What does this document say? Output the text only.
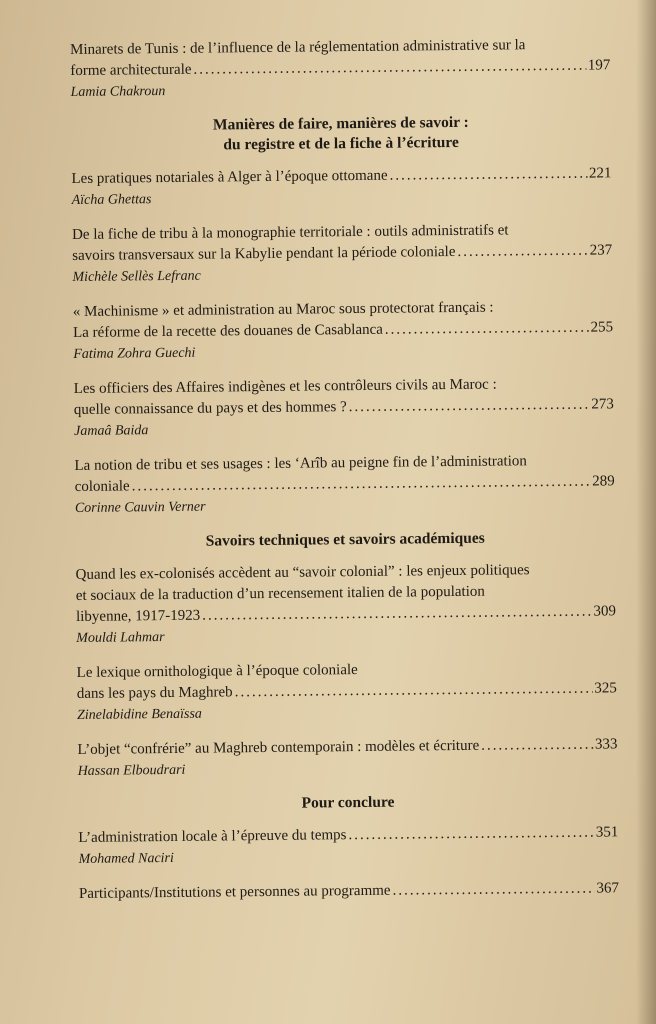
Minarets de Tunis : de l’influence de la réglementation administrative sur la
forme architecturale .....	197
Lamia Chakroun
Manières de faire, manières de savoir :
du registre et de la fiche à l’écriture
Les pratiques notariales à Alger à l’époque ottomane .....	221
Aïcha Ghettas
De la fiche de tribu à la monographie territoriale : outils administratifs et
savoirs transversaux sur la Kabylie pendant la période coloniale .....	237
Michèle Sellès Lefranc
« Machinisme » et administration au Maroc sous protectorat français :
La réforme de la recette des douanes de Casablanca .....	255
Fatima Zohra Guechi
Les officiers des Affaires indigènes et les contrôleurs civils au Maroc :
quelle connaissance du pays et des hommes ? .....	273
Jamaâ Baida
La notion de tribu et ses usages : les ‘Arîb au peigne fin de l’administration
coloniale .....	289
Corinne Cauvin Verner
Savoirs techniques et savoirs académiques
Quand les ex-colonisés accèdent au “savoir colonial” : les enjeux politiques
et sociaux de la traduction d’un recensement italien de la population
libyenne, 1917-1923 .....	309
Mouldi Lahmar
Le lexique ornithologique à l’époque coloniale
dans les pays du Maghreb .....	325
Zinelabidine Benaïssa
L’objet “confrérie” au Maghreb contemporain : modèles et écriture .....	333
Hassan Elboudrari
Pour conclure
L’administration locale à l’épreuve du temps .....	351
Mohamed Naciri
Participants/Institutions et personnes au programme .....	367
